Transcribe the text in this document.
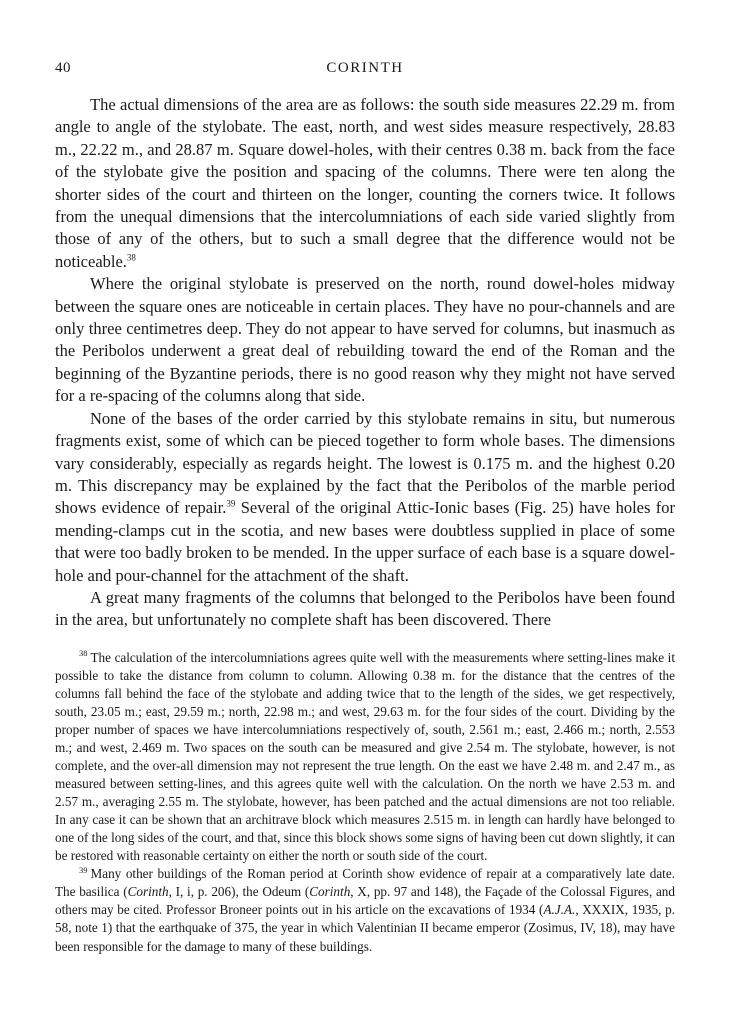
40	CORINTH

The actual dimensions of the area are as follows: the south side measures 22.29 m. from angle to angle of the stylobate. The east, north, and west sides measure respectively, 28.83 m., 22.22 m., and 28.87 m. Square dowel-holes, with their centres 0.38 m. back from the face of the stylobate give the position and spacing of the columns. There were ten along the shorter sides of the court and thirteen on the longer, counting the corners twice. It follows from the unequal dimensions that the intercolumniations of each side varied slightly from those of any of the others, but to such a small degree that the difference would not be noticeable.$^{38}$

Where the original stylobate is preserved on the north, round dowel-holes midway between the square ones are noticeable in certain places. They have no pour-channels and are only three centimetres deep. They do not appear to have served for columns, but inasmuch as the Peribolos underwent a great deal of rebuilding toward the end of the Roman and the beginning of the Byzantine periods, there is no good reason why they might not have served for a re-spacing of the columns along that side.

None of the bases of the order carried by this stylobate remains in situ, but numerous fragments exist, some of which can be pieced together to form whole bases. The dimensions vary considerably, especially as regards height. The lowest is 0.175 m. and the highest 0.20 m. This discrepancy may be explained by the fact that the Peribolos of the marble period shows evidence of repair.$^{39}$ Several of the original Attic-Ionic bases (Fig. 25) have holes for mending-clamps cut in the scotia, and new bases were doubtless supplied in place of some that were too badly broken to be mended. In the upper surface of each base is a square dowel-hole and pour-channel for the attachment of the shaft.

A great many fragments of the columns that belonged to the Peribolos have been found in the area, but unfortunately no complete shaft has been discovered. There

$^{38}$ The calculation of the intercolumniations agrees quite well with the measurements where setting-lines make it possible to take the distance from column to column. Allowing 0.38 m. for the distance that the centres of the columns fall behind the face of the stylobate and adding twice that to the length of the sides, we get respectively, south, 23.05 m.; east, 29.59 m.; north, 22.98 m.; and west, 29.63 m. for the four sides of the court. Dividing by the proper number of spaces we have intercolumniations respectively of, south, 2.561 m.; east, 2.466 m.; north, 2.553 m.; and west, 2.469 m. Two spaces on the south can be measured and give 2.54 m. The stylobate, however, is not complete, and the over-all dimension may not represent the true length. On the east we have 2.48 m. and 2.47 m., as measured between setting-lines, and this agrees quite well with the calculation. On the north we have 2.53 m. and 2.57 m., averaging 2.55 m. The stylobate, however, has been patched and the actual dimensions are not too reliable. In any case it can be shown that an architrave block which measures 2.515 m. in length can hardly have belonged to one of the long sides of the court, and that, since this block shows some signs of having been cut down slightly, it can be restored with reasonable certainty on either the north or south side of the court.

$^{39}$ Many other buildings of the Roman period at Corinth show evidence of repair at a comparatively late date. The basilica (Corinth, I, i, p. 206), the Odeum (Corinth, X, pp. 97 and 148), the Façade of the Colossal Figures, and others may be cited. Professor Broneer points out in his article on the excavations of 1934 (A.J.A., XXXIX, 1935, p. 58, note 1) that the earthquake of 375, the year in which Valentinian II became emperor (Zosimus, IV, 18), may have been responsible for the damage to many of these buildings.
